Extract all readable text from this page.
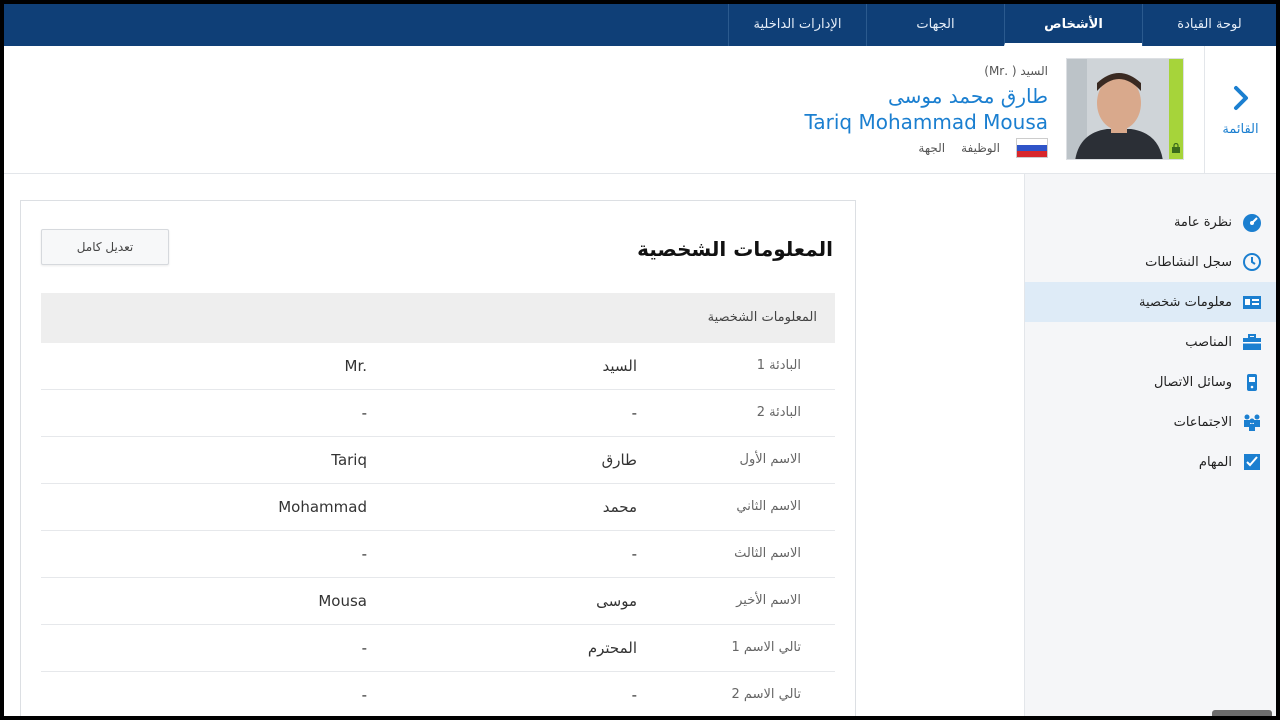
لوحة القيادة
الأشخاص
الجهات
الإدارات الداخلية
القائمة
السيد ( .Mr)
طارق محمد موسى
Tariq Mohammad Mousa
الوظيفة
الجهة
نظرة عامة
سجل النشاطات
معلومات شخصية
المناصب
وسائل الاتصال
الاجتماعات
المهام
المعلومات الشخصية
تعديل كامل
المعلومات الشخصية
البادئة 1
السيد
Mr.
البادئة 2
-
-
الاسم الأول
طارق
Tariq
الاسم الثاني
محمد
Mohammad
الاسم الثالث
-
-
الاسم الأخير
موسى
Mousa
تالي الاسم 1
المحترم
-
تالي الاسم 2
-
-
